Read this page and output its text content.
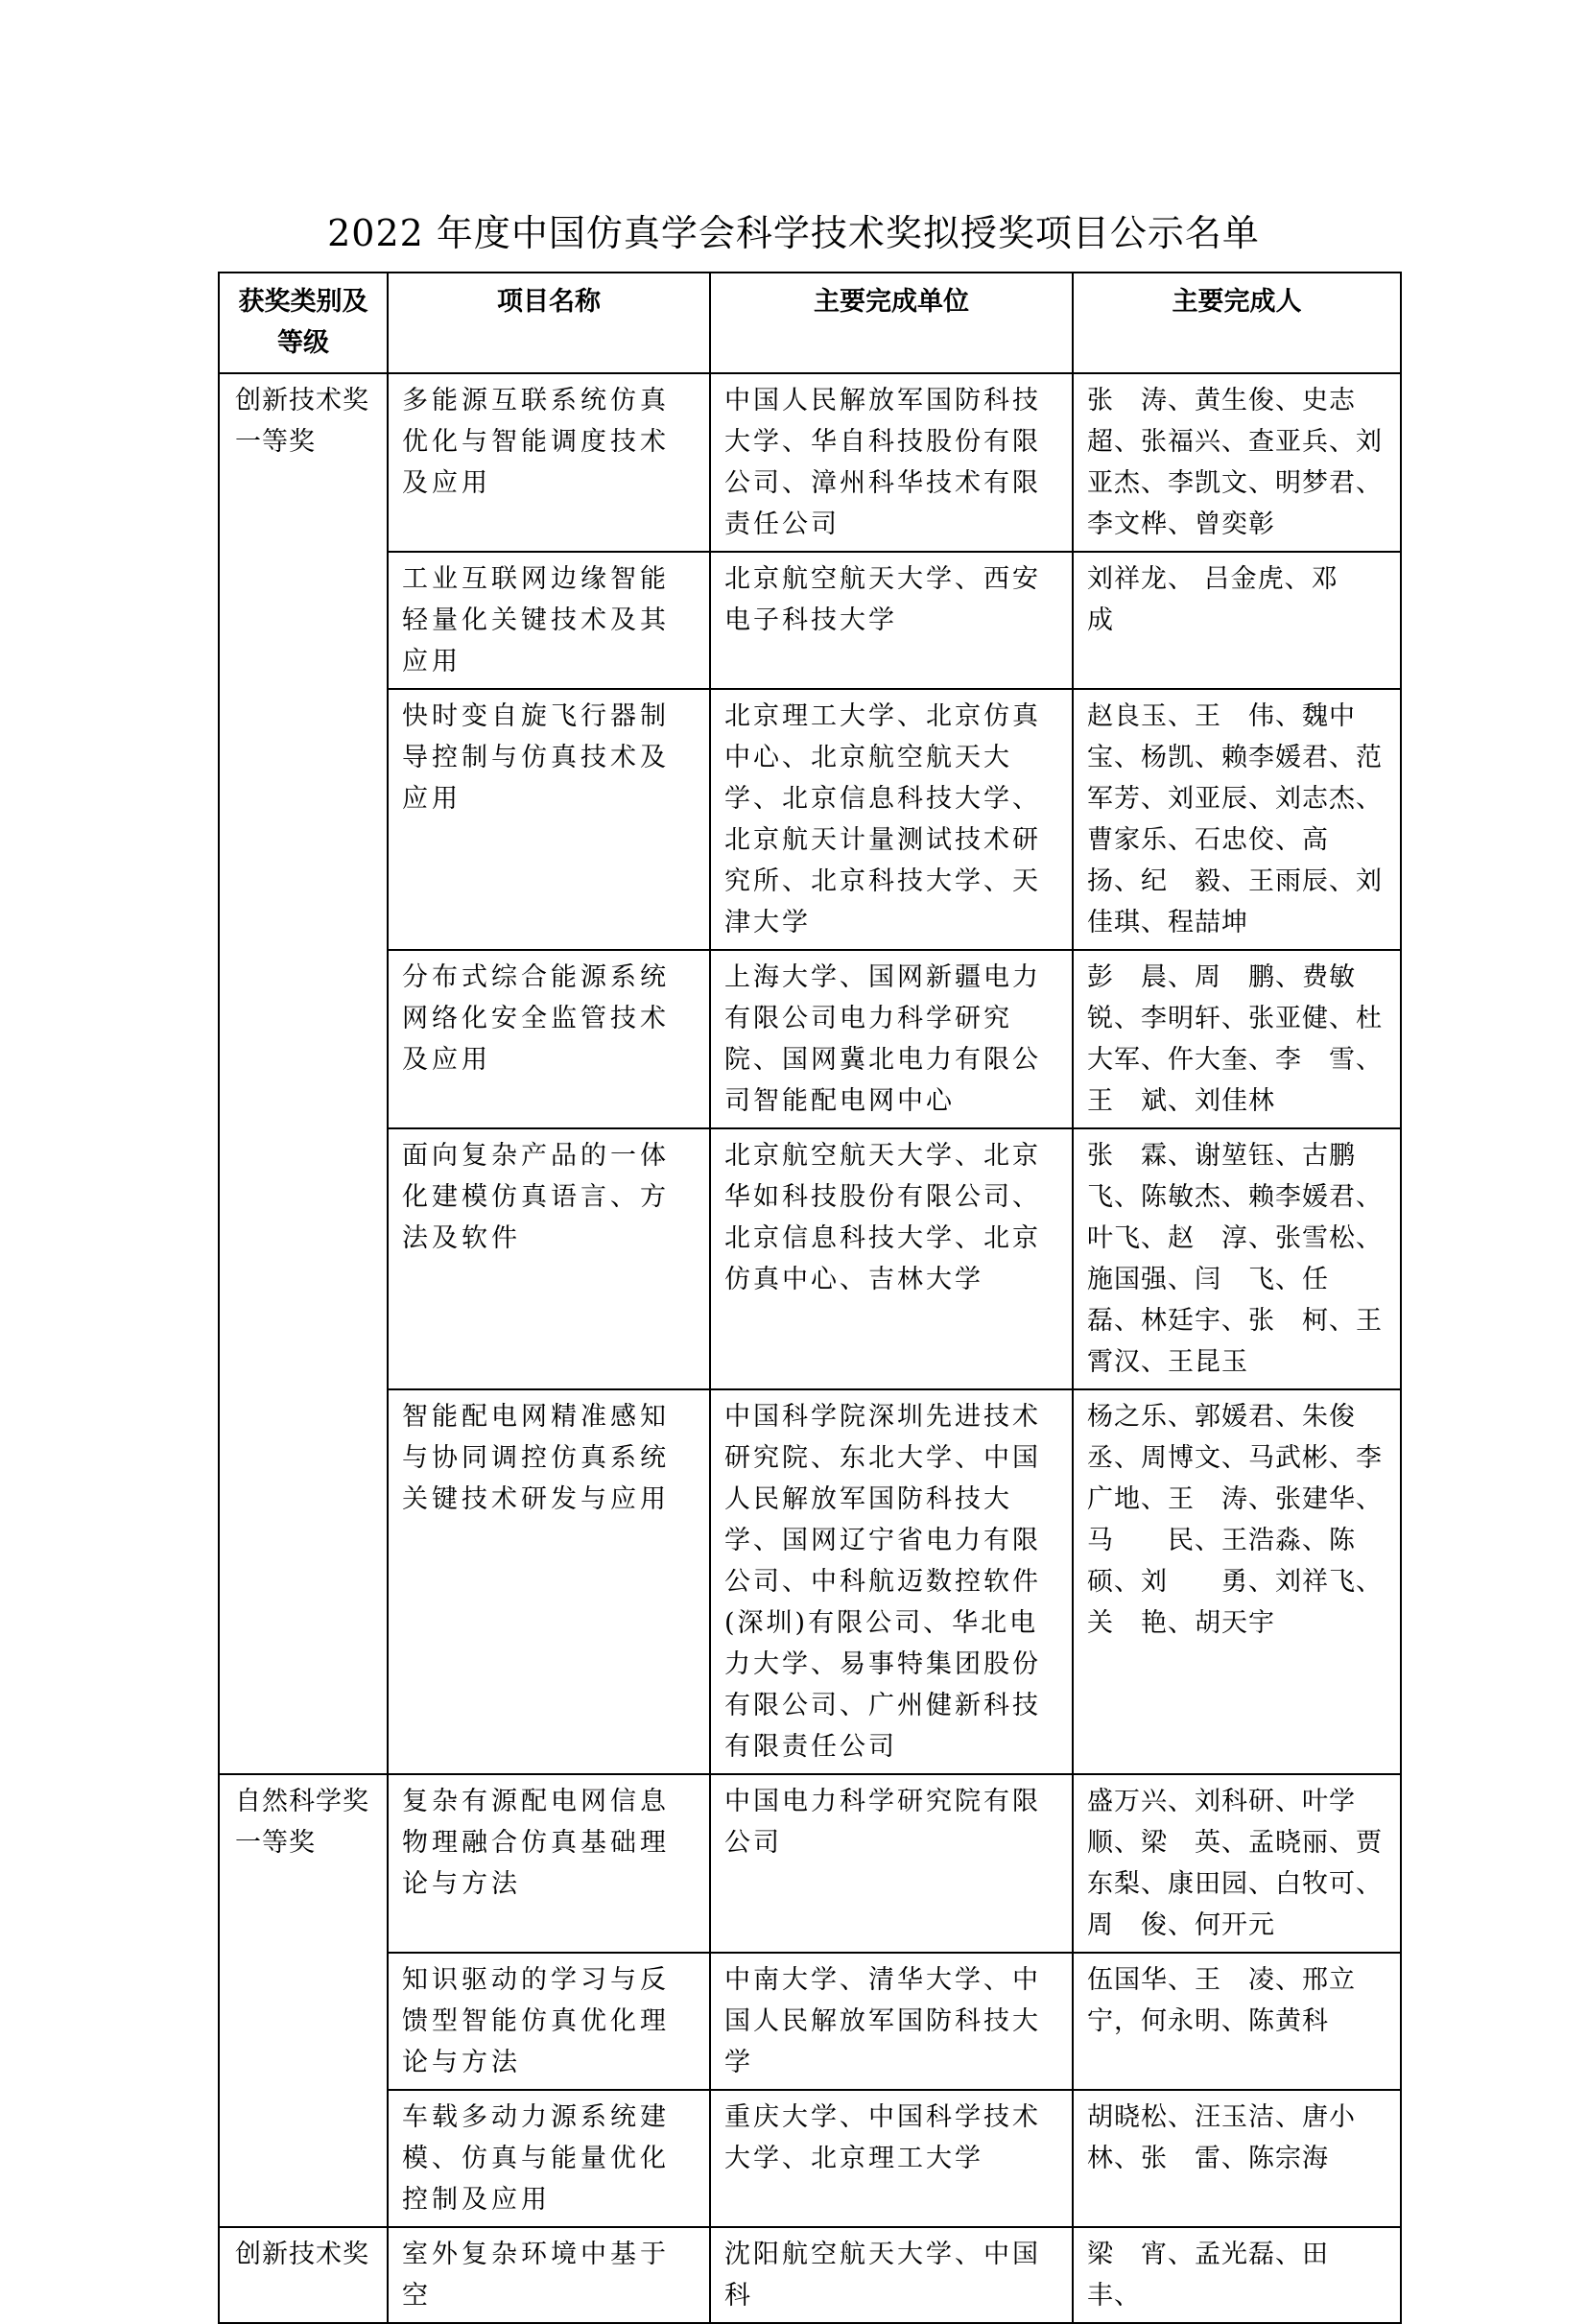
2022 年度中国仿真学会科学技术奖拟授奖项目公示名单
获奖类别及等级	项目名称	主要完成单位	主要完成人
创新技术奖一等奖	多能源互联系统仿真优化与智能调度技术及应用	中国人民解放军国防科技大学、华自科技股份有限公司、漳州科华技术有限责任公司	张　涛、黄生俊、史志超、张福兴、查亚兵、刘亚杰、李凯文、明梦君、李文桦、曾奕彰
	工业互联网边缘智能轻量化关键技术及其应用	北京航空航天大学、西安电子科技大学	刘祥龙、 吕金虎、邓　成
	快时变自旋飞行器制导控制与仿真技术及应用	北京理工大学、北京仿真中心、北京航空航天大学、北京信息科技大学、北京航天计量测试技术研究所、北京科技大学、天津大学	赵良玉、王　伟、魏中宝、杨凯、赖李媛君、范军芳、刘亚辰、刘志杰、曹家乐、石忠佼、高　扬、纪　毅、王雨辰、刘佳琪、程喆坤
	分布式综合能源系统网络化安全监管技术及应用	上海大学、国网新疆电力有限公司电力科学研究院、国网冀北电力有限公司智能配电网中心	彭　晨、周　鹏、费敏锐、李明轩、张亚健、杜大军、仵大奎、李　雪、王　斌、刘佳林
	面向复杂产品的一体化建模仿真语言、方法及软件	北京航空航天大学、北京华如科技股份有限公司、北京信息科技大学、北京仿真中心、吉林大学	张　霖、谢堃钰、古鹏飞、陈敏杰、赖李媛君、叶飞、赵　淳、张雪松、施国强、闫　飞、任　磊、林廷宇、张　柯、王霄汉、王昆玉
	智能配电网精准感知与协同调控仿真系统关键技术研发与应用	中国科学院深圳先进技术研究院、东北大学、中国人民解放军国防科技大学、国网辽宁省电力有限公司、中科航迈数控软件(深圳)有限公司、华北电力大学、易事特集团股份有限公司、广州健新科技有限责任公司	杨之乐、郭媛君、朱俊丞、周博文、马武彬、李广地、王　涛、张建华、马　　民、王浩淼、陈　硕、刘　　勇、刘祥飞、关　艳、胡天宇
自然科学奖一等奖	复杂有源配电网信息物理融合仿真基础理论与方法	中国电力科学研究院有限公司	盛万兴、刘科研、叶学顺、梁　英、孟晓丽、贾东梨、康田园、白牧可、周　俊、何开元
	知识驱动的学习与反馈型智能仿真优化理论与方法	中南大学、清华大学、中国人民解放军国防科技大学	伍国华、王　凌、邢立宁，何永明、陈黄科
	车载多动力源系统建模、仿真与能量优化控制及应用	重庆大学、中国科学技术大学、北京理工大学	胡晓松、汪玉洁、唐小林、张　雷、陈宗海
创新技术奖	室外复杂环境中基于空	沈阳航空航天大学、中国科	梁　宵、孟光磊、田　丰、
